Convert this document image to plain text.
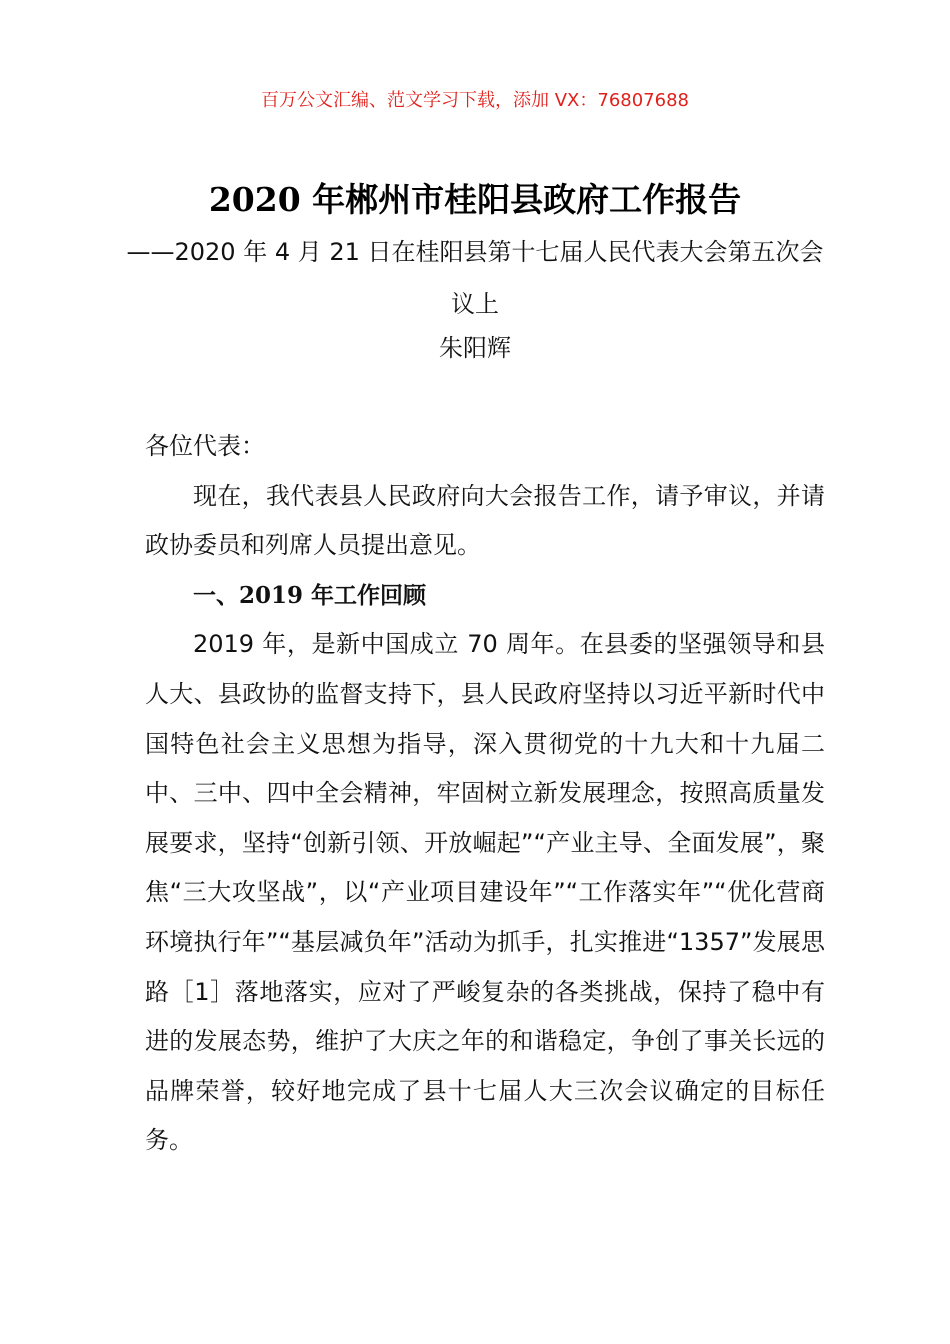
百万公文汇编、范文学习下载，添加 VX：76807688
2020 年郴州市桂阳县政府工作报告
——2020 年 4 月 21 日在桂阳县第十七届人民代表大会第五次会议上
朱阳辉

各位代表：

现在，我代表县人民政府向大会报告工作，请予审议，并请政协委员和列席人员提出意见。

一、2019 年工作回顾

2019 年，是新中国成立 70 周年。在县委的坚强领导和县人大、县政协的监督支持下，县人民政府坚持以习近平新时代中国特色社会主义思想为指导，深入贯彻党的十九大和十九届二中、三中、四中全会精神，牢固树立新发展理念，按照高质量发展要求，坚持“创新引领、开放崛起”“产业主导、全面发展”，聚焦“三大攻坚战”，以“产业项目建设年”“工作落实年”“优化营商环境执行年”“基层减负年”活动为抓手，扎实推进“1357”发展思路［1］落地落实，应对了严峻复杂的各类挑战，保持了稳中有进的发展态势，维护了大庆之年的和谐稳定，争创了事关长远的品牌荣誉，较好地完成了县十七届人大三次会议确定的目标任务。
